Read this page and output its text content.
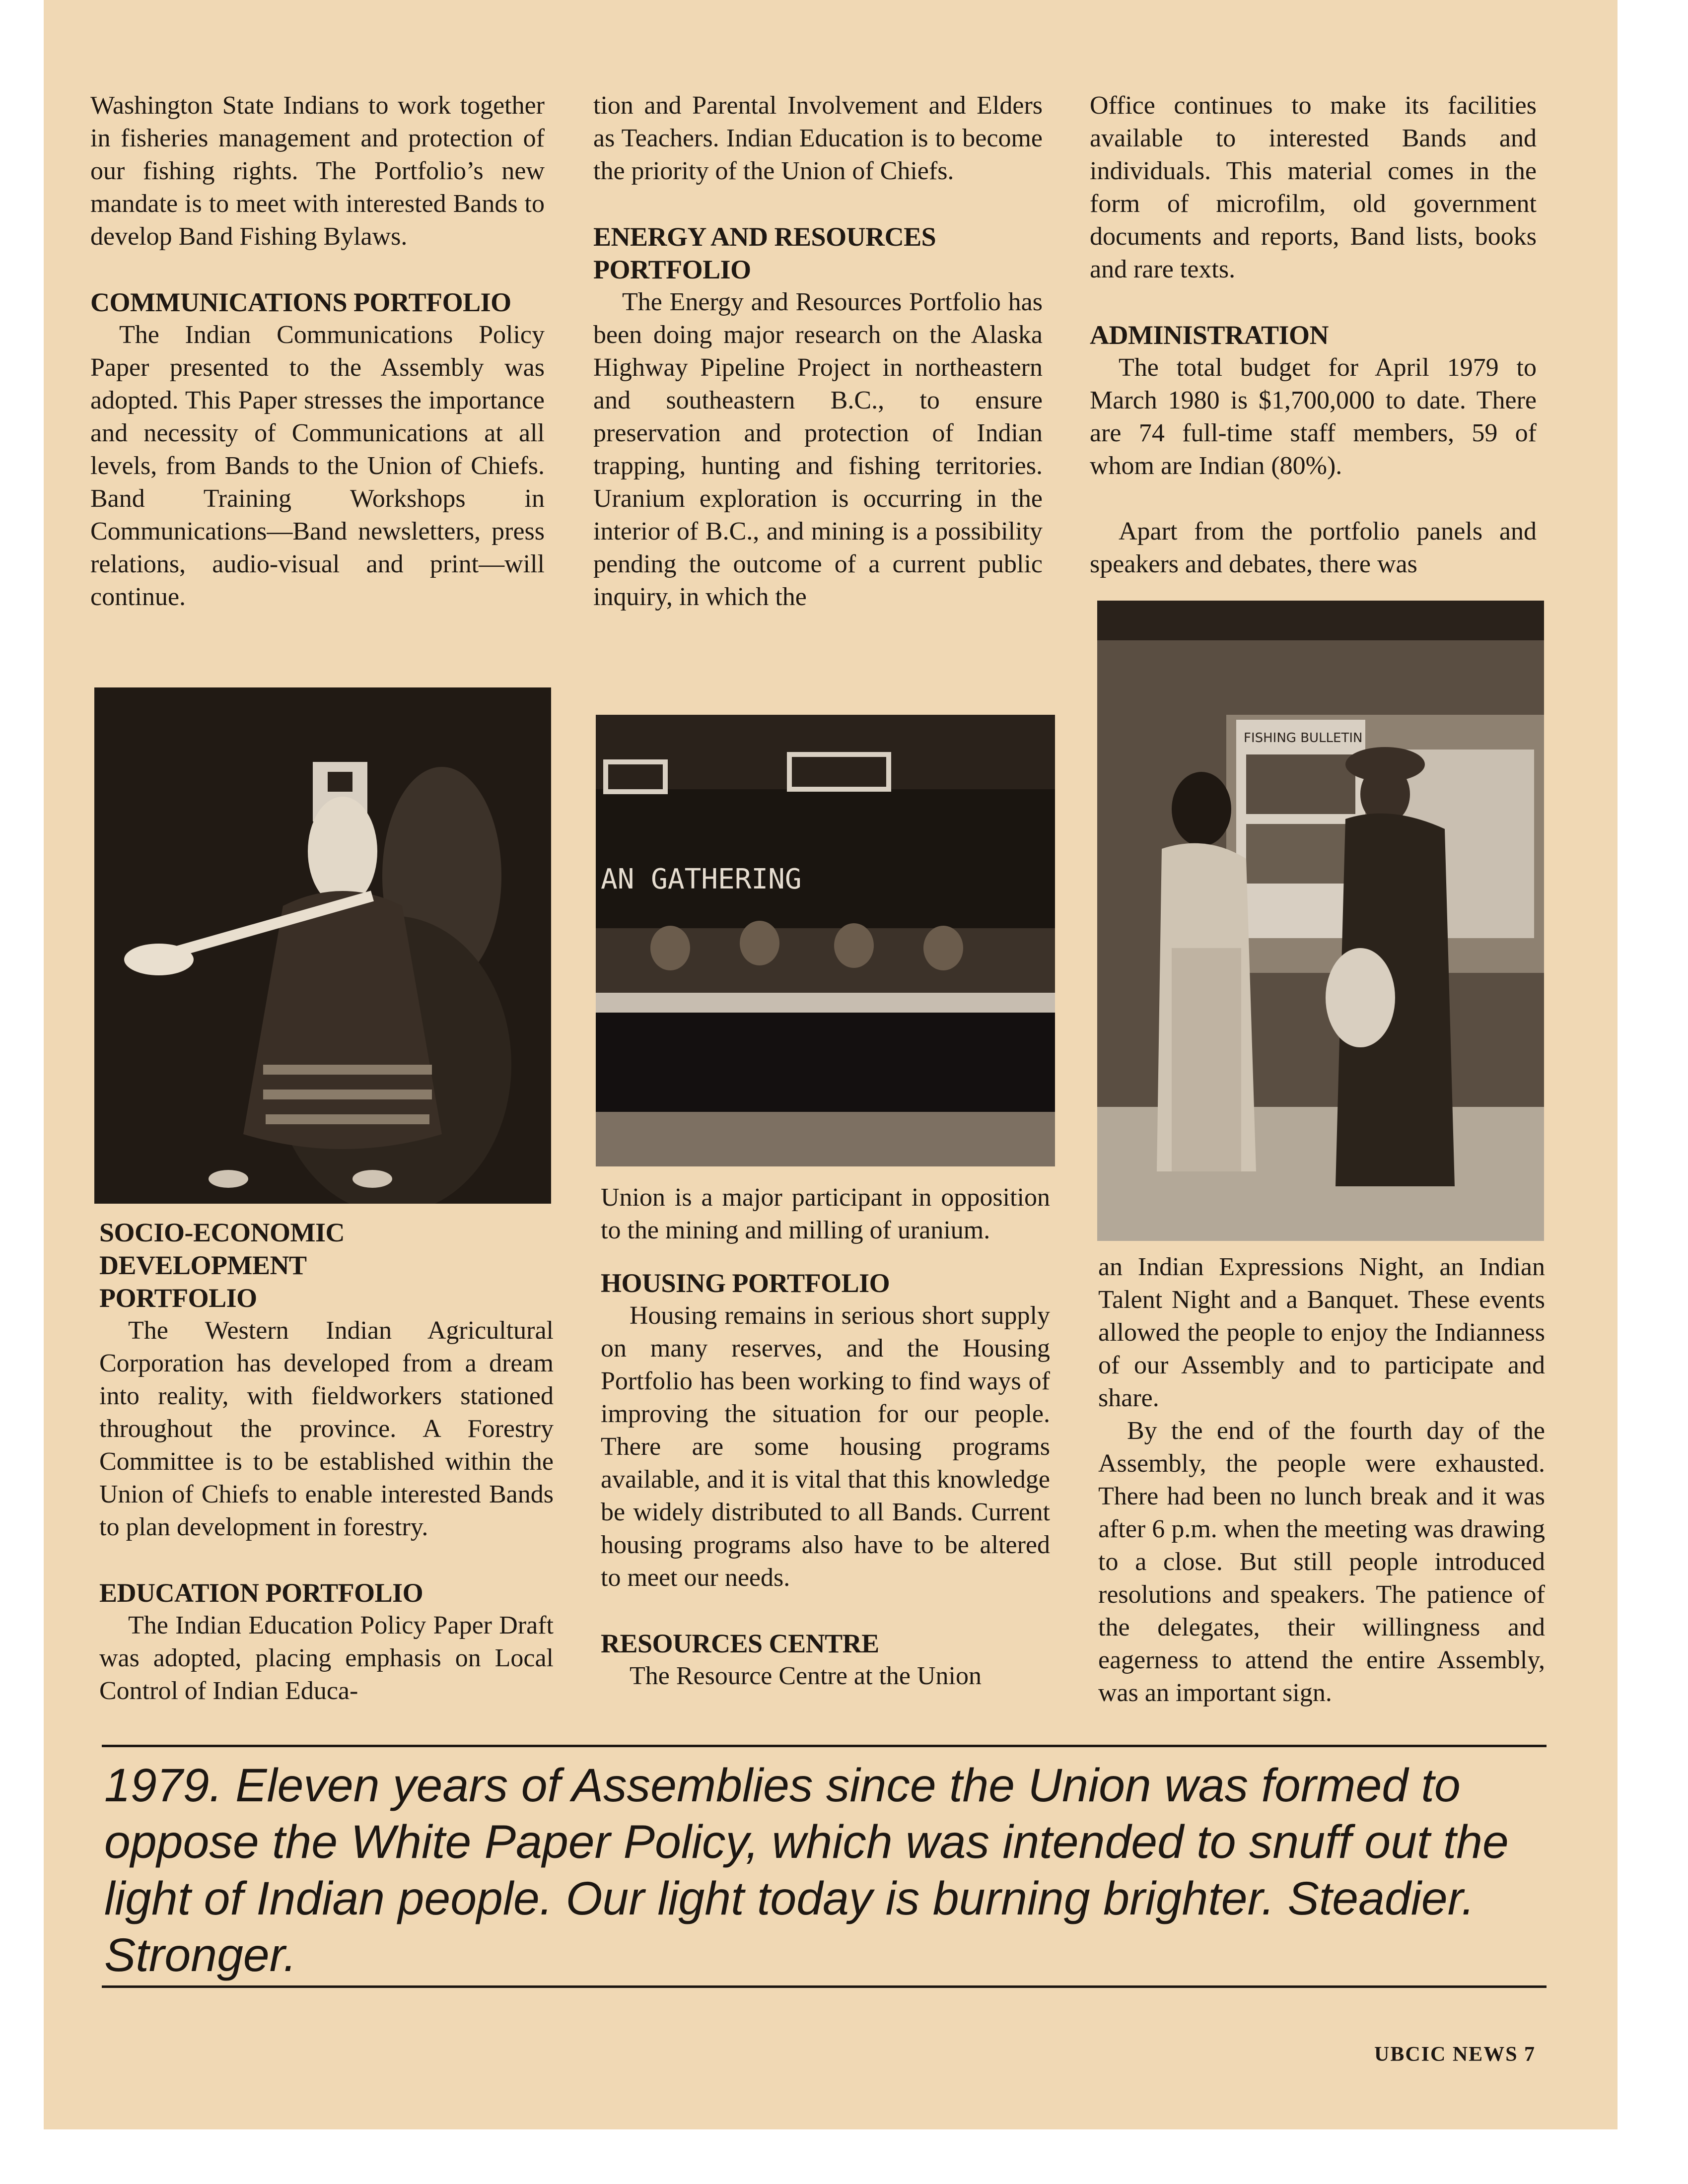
Washington State Indians to work together in fisheries management and protection of our fishing rights. The Portfolio’s new mandate is to meet with interested Bands to develop Band Fishing Bylaws.

COMMUNICATIONS PORTFOLIO

The Indian Communications Policy Paper presented to the Assembly was adopted. This Paper stresses the importance and necessity of Communications at all levels, from Bands to the Union of Chiefs. Band Training Workshops in Communications—Band newsletters, press relations, audio-visual and print—will continue.

SOCIO-ECONOMIC DEVELOPMENT PORTFOLIO

The Western Indian Agricultural Corporation has developed from a dream into reality, with fieldworkers stationed throughout the province. A Forestry Committee is to be established within the Union of Chiefs to enable interested Bands to plan development in forestry.

EDUCATION PORTFOLIO

The Indian Education Policy Paper Draft was adopted, placing emphasis on Local Control of Indian Educa-

tion and Parental Involvement and Elders as Teachers. Indian Education is to become the priority of the Union of Chiefs.

ENERGY AND RESOURCES PORTFOLIO

The Energy and Resources Portfolio has been doing major research on the Alaska Highway Pipeline Project in northeastern and southeastern B.C., to ensure preservation and protection of Indian trapping, hunting and fishing territories. Uranium exploration is occurring in the interior of B.C., and mining is a possibility pending the outcome of a current public inquiry, in which the

AN GATHERING

Union is a major participant in opposition to the mining and milling of uranium.

HOUSING PORTFOLIO

Housing remains in serious short supply on many reserves, and the Housing Portfolio has been working to find ways of improving the situation for our people. There are some housing programs available, and it is vital that this knowledge be widely distributed to all Bands. Current housing programs also have to be altered to meet our needs.

RESOURCES CENTRE

The Resource Centre at the Union

Office continues to make its facilities available to interested Bands and individuals. This material comes in the form of microfilm, old government documents and reports, Band lists, books and rare texts.

ADMINISTRATION

The total budget for April 1979 to March 1980 is $1,700,000 to date. There are 74 full-time staff members, 59 of whom are Indian (80%).

Apart from the portfolio panels and speakers and debates, there was

FISHING BULLETIN

an Indian Expressions Night, an Indian Talent Night and a Banquet. These events allowed the people to enjoy the Indianness of our Assembly and to participate and share.

By the end of the fourth day of the Assembly, the people were exhausted. There had been no lunch break and it was after 6 p.m. when the meeting was drawing to a close. But still people introduced resolutions and speakers. The patience of the delegates, their willingness and eagerness to attend the entire Assembly, was an important sign.

1979. Eleven years of Assemblies since the Union was formed to oppose the White Paper Policy, which was intended to snuff out the light of Indian people. Our light today is burning brighter. Steadier. Stronger.

UBCIC NEWS 7
